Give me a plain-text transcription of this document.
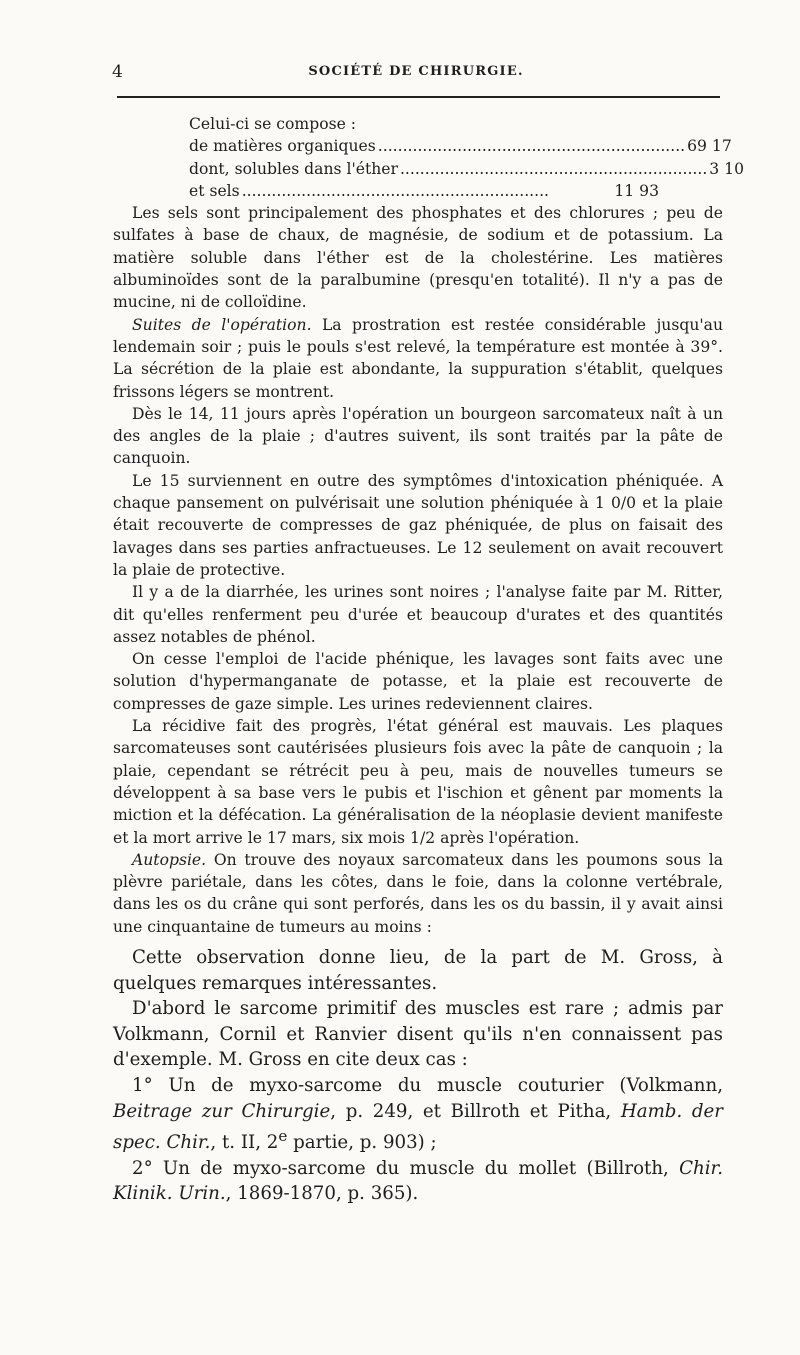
4	SOCIÉTÉ DE CHIRURGIE.
Celui-ci se compose :
de matières organiques .............................................................. 69 17
dont, solubles dans l'éther .............................................................. 3 10
et sels ..............................................................	11 93

Les sels sont principalement des phosphates et des chlorures ; peu de sulfates à base de chaux, de magnésie, de sodium et de potassium. La matière soluble dans l'éther est de la cholestérine. Les matières albuminoïdes sont de la paralbumine (presqu'en totalité). Il n'y a pas de mucine, ni de colloïdine.

Suites de l'opération. La prostration est restée considérable jusqu'au lendemain soir ; puis le pouls s'est relevé, la température est montée à 39°. La sécrétion de la plaie est abondante, la suppuration s'établit, quelques frissons légers se montrent.

Dès le 14, 11 jours après l'opération un bourgeon sarcomateux naît à un des angles de la plaie ; d'autres suivent, ils sont traités par la pâte de canquoin.

Le 15 surviennent en outre des symptômes d'intoxication phéniquée. A chaque pansement on pulvérisait une solution phéniquée à 1 0/0 et la plaie était recouverte de compresses de gaz phéniquée, de plus on faisait des lavages dans ses parties anfractueuses. Le 12 seulement on avait recouvert la plaie de protective.

Il y a de la diarrhée, les urines sont noires ; l'analyse faite par M. Ritter, dit qu'elles renferment peu d'urée et beaucoup d'urates et des quantités assez notables de phénol.

On cesse l'emploi de l'acide phénique, les lavages sont faits avec une solution d'hypermanganate de potasse, et la plaie est recouverte de compresses de gaze simple. Les urines redeviennent claires.

La récidive fait des progrès, l'état général est mauvais. Les plaques sarcomateuses sont cautérisées plusieurs fois avec la pâte de canquoin ; la plaie, cependant se rétrécit peu à peu, mais de nouvelles tumeurs se développent à sa base vers le pubis et l'ischion et gênent par moments la miction et la défécation. La généralisation de la néoplasie devient manifeste et la mort arrive le 17 mars, six mois 1/2 après l'opération.

Autopsie. On trouve des noyaux sarcomateux dans les poumons sous la plèvre pariétale, dans les côtes, dans le foie, dans la colonne vertébrale, dans les os du crâne qui sont perforés, dans les os du bassin, il y avait ainsi une cinquantaine de tumeurs au moins :

Cette observation donne lieu, de la part de M. Gross, à quelques remarques intéressantes.

D'abord le sarcome primitif des muscles est rare ; admis par Volkmann, Cornil et Ranvier disent qu'ils n'en connaissent pas d'exemple. M. Gross en cite deux cas :

1° Un de myxo-sarcome du muscle couturier (Volkmann, Beitrage zur Chirurgie, p. 249, et Billroth et Pitha, Hamb. der spec. Chir., t. II, 2e partie, p. 903) ;

2° Un de myxo-sarcome du muscle du mollet (Billroth, Chir. Klinik. Urin., 1869-1870, p. 365).
